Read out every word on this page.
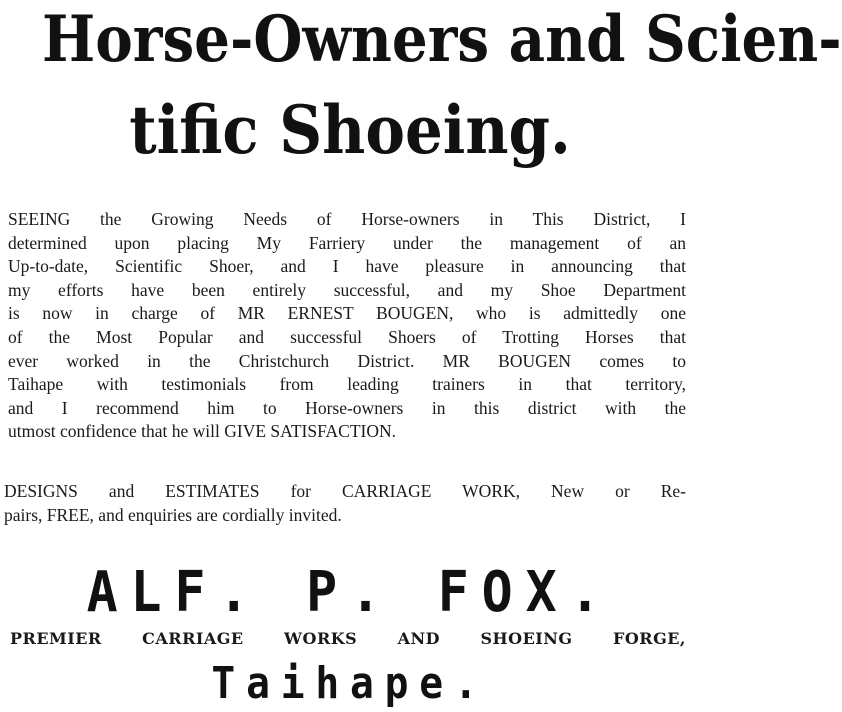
Horse-Owners and Scien-
tific Shoeing.
SEEING the Growing Needs of Horse-owners in This District, I
determined upon placing My Farriery under the management of an
Up-to-date, Scientific Shoer, and I have pleasure in announcing that
my efforts have been entirely successful, and my Shoe Department
is now in charge of MR ERNEST BOUGEN, who is admittedly one
of the Most Popular and successful Shoers of Trotting Horses that
ever worked in the Christchurch District. MR BOUGEN comes to
Taihape with testimonials from leading trainers in that territory,
and I recommend him to Horse-owners in this district with the
utmost confidence that he will GIVE SATISFACTION.
DESIGNS and ESTIMATES for CARRIAGE WORK, New or Re-
pairs, FREE, and enquiries are cordially invited.
ALF. P. FOX.
PREMIER CARRIAGE WORKS AND SHOEING FORGE,
Taihape.
